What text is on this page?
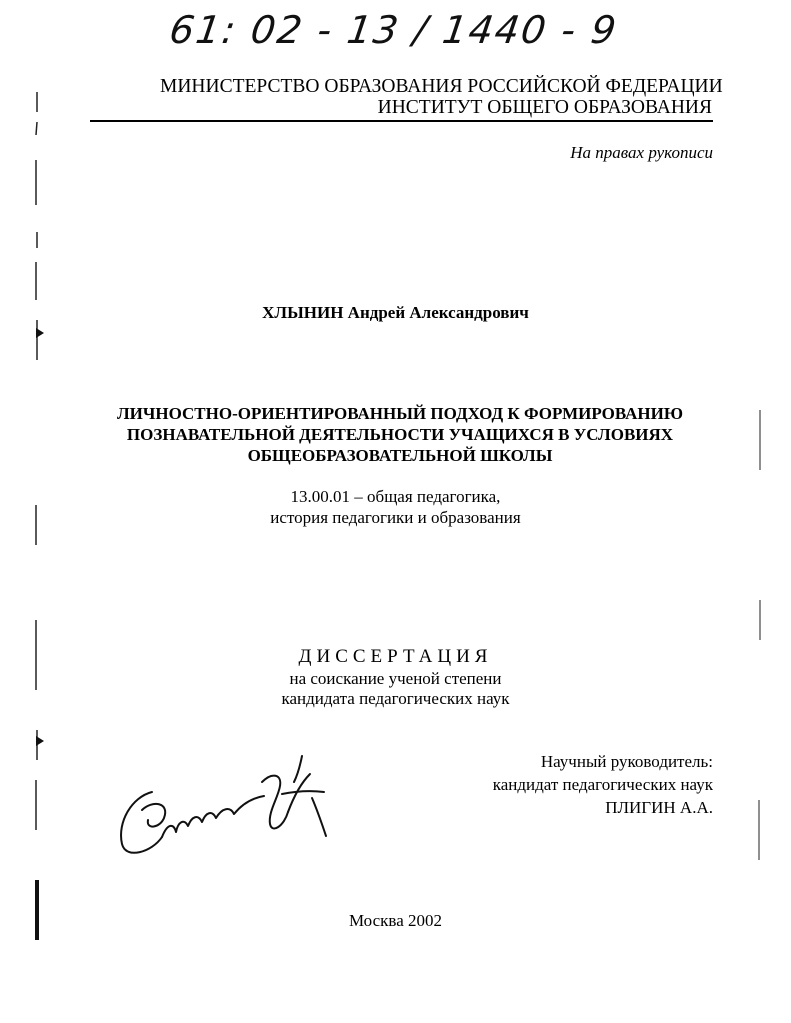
61: 02 - 13 / 1440 - 9
МИНИСТЕРСТВО ОБРАЗОВАНИЯ РОССИЙСКОЙ ФЕДЕРАЦИИ
ИНСТИТУТ ОБЩЕГО ОБРАЗОВАНИЯ
На правах рукописи
ХЛЫНИН Андрей Александрович
ЛИЧНОСТНО-ОРИЕНТИРОВАННЫЙ ПОДХОД К ФОРМИРОВАНИЮ
ПОЗНАВАТЕЛЬНОЙ ДЕЯТЕЛЬНОСТИ УЧАЩИХСЯ В УСЛОВИЯХ
ОБЩЕОБРАЗОВАТЕЛЬНОЙ ШКОЛЫ
13.00.01 – общая педагогика,
история педагогики и образования
ДИССЕРТАЦИЯ
на соискание ученой степени
кандидата педагогических наук
Научный руководитель:
кандидат педагогических наук
ПЛИГИН А.А.
Москва 2002
